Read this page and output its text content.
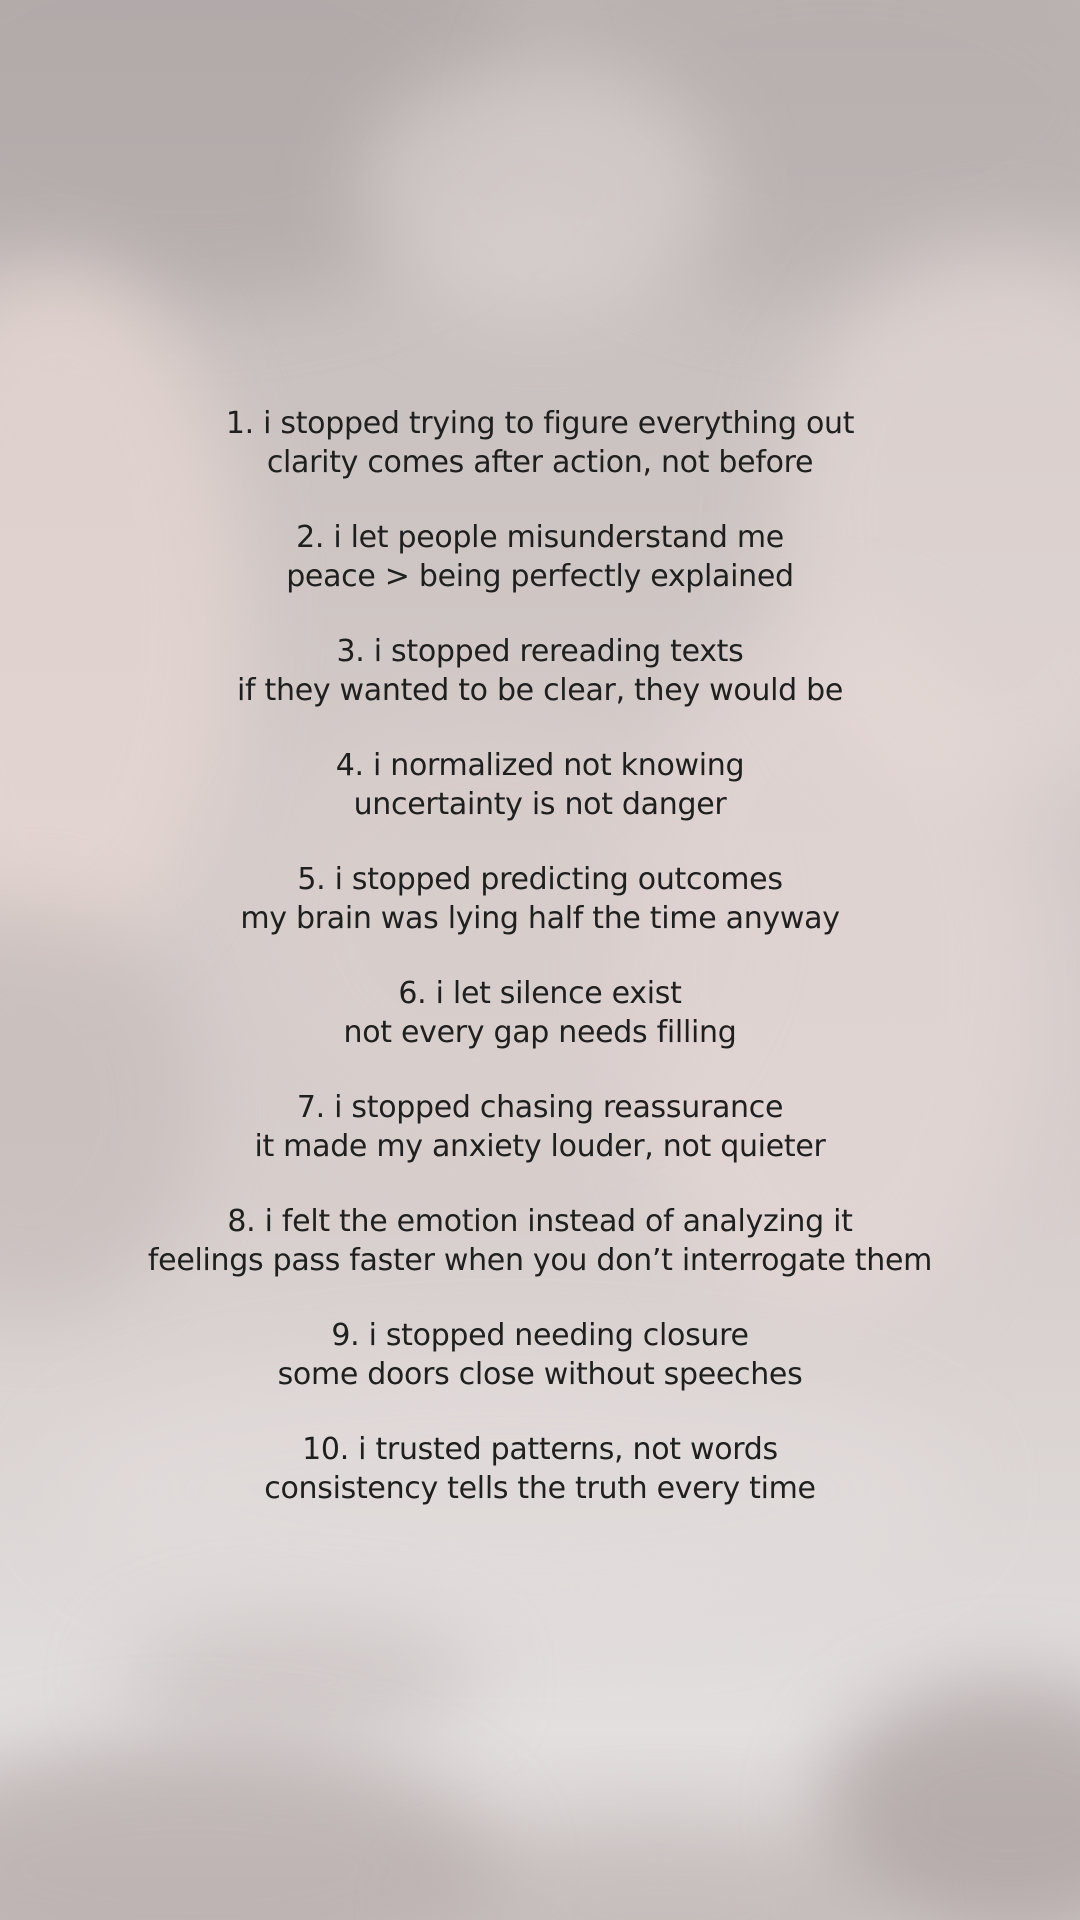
1. i stopped trying to figure everything out
clarity comes after action, not before
2. i let people misunderstand me
peace > being perfectly explained
3. i stopped rereading texts
if they wanted to be clear, they would be
4. i normalized not knowing
uncertainty is not danger
5. i stopped predicting outcomes
my brain was lying half the time anyway
6. i let silence exist
not every gap needs filling
7. i stopped chasing reassurance
it made my anxiety louder, not quieter
8. i felt the emotion instead of analyzing it
feelings pass faster when you don’t interrogate them
9. i stopped needing closure
some doors close without speeches
10. i trusted patterns, not words
consistency tells the truth every time
